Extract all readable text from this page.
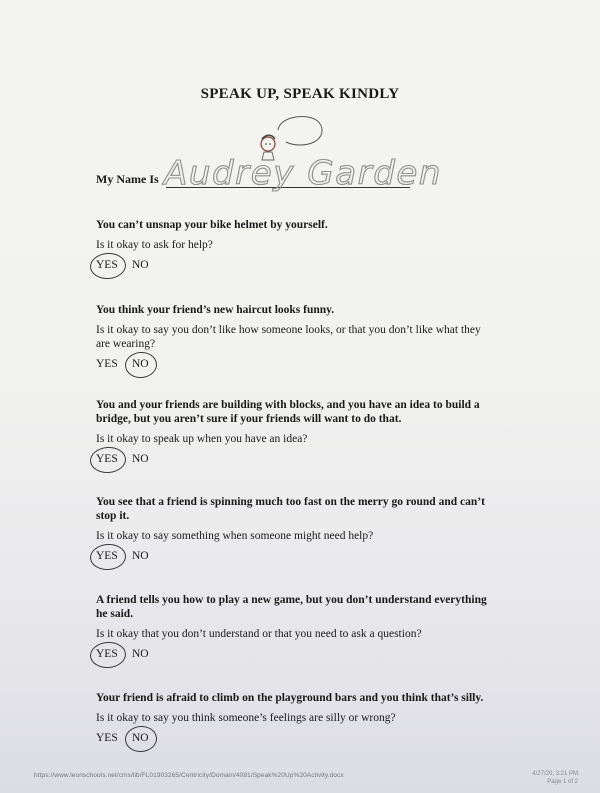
SPEAK UP, SPEAK KINDLY
My Name Is Audrey Garden

You can’t unsnap your bike helmet by yourself.

Is it okay to ask for help?

YES NO

You think your friend’s new haircut looks funny.

Is it okay to say you don’t like how someone looks, or that you don’t like what they are wearing?

YES NO

You and your friends are building with blocks, and you have an idea to build a bridge, but you aren’t sure if your friends will want to do that.

Is it okay to speak up when you have an idea?

YES NO

You see that a friend is spinning much too fast on the merry go round and can’t stop it.

Is it okay to say something when someone might need help?

YES NO

A friend tells you how to play a new game, but you don’t understand everything he said.

Is it okay that you don’t understand or that you need to ask a question?

YES NO

Your friend is afraid to climb on the playground bars and you think that’s silly.

Is it okay to say you think someone’s feelings are silly or wrong?

YES NO
https://www.leonschools.net/cms/lib/FL01903265/Centricity/Domain/4081/Speak%20Up%20Activity.docx	4/27/20, 3:21 PM
Page 1 of 2
